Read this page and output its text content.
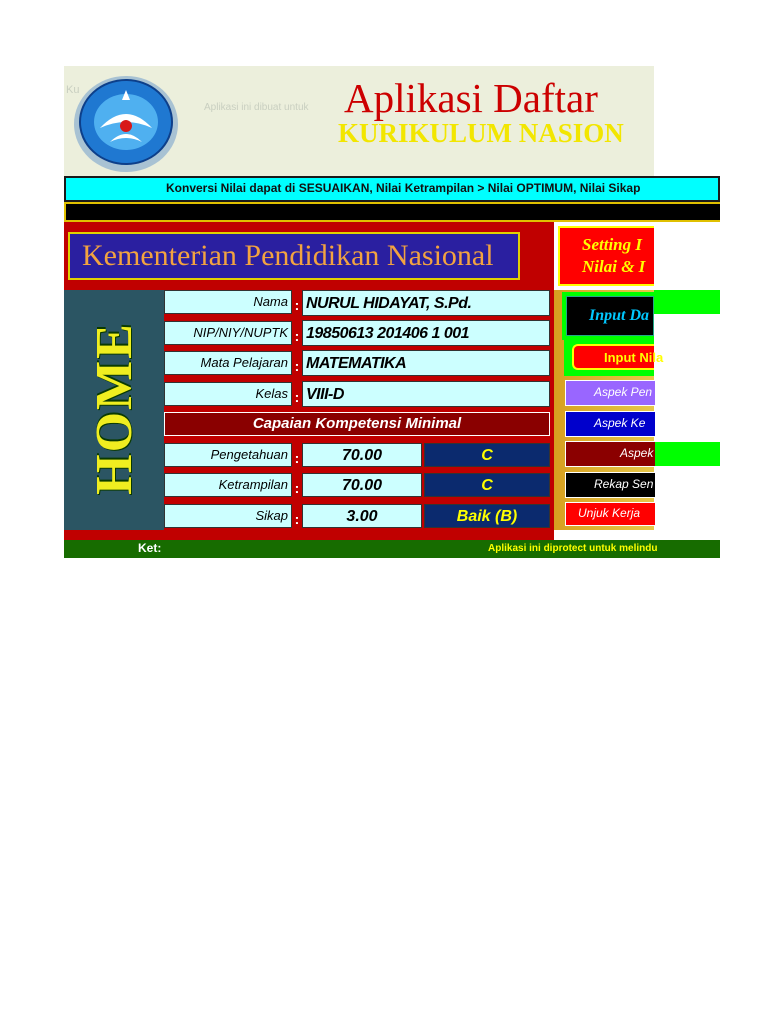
Ku
Aplikasi ini dibuat untuk Aplikasi Daftar
KURIKULUM NASION
Konversi Nilai dapat di SESUAIKAN, Nilai Ketrampilan > Nilai OPTIMUM, Nilai Sikap
HOME
Kementerian Pendidikan Nasional
Nama : NURUL HIDAYAT, S.Pd.
NIP/NIY/NUPTK : 19850613 201406 1 001
Mata Pelajaran : MATEMATIKA
Kelas : VIII-D
Capaian Kompetensi Minimal
Pengetahuan :	70.00	C
Ketrampilan :	70.00	C
Sikap :	3.00	Baik (B)
Setting I
Nilai & I
Input Da
Input Nila
Aspek Pen
Aspek Ke
Aspek
Rekap Sen
Unjuk Kerja
Ket:	Aplikasi ini diprotect untuk melindu
